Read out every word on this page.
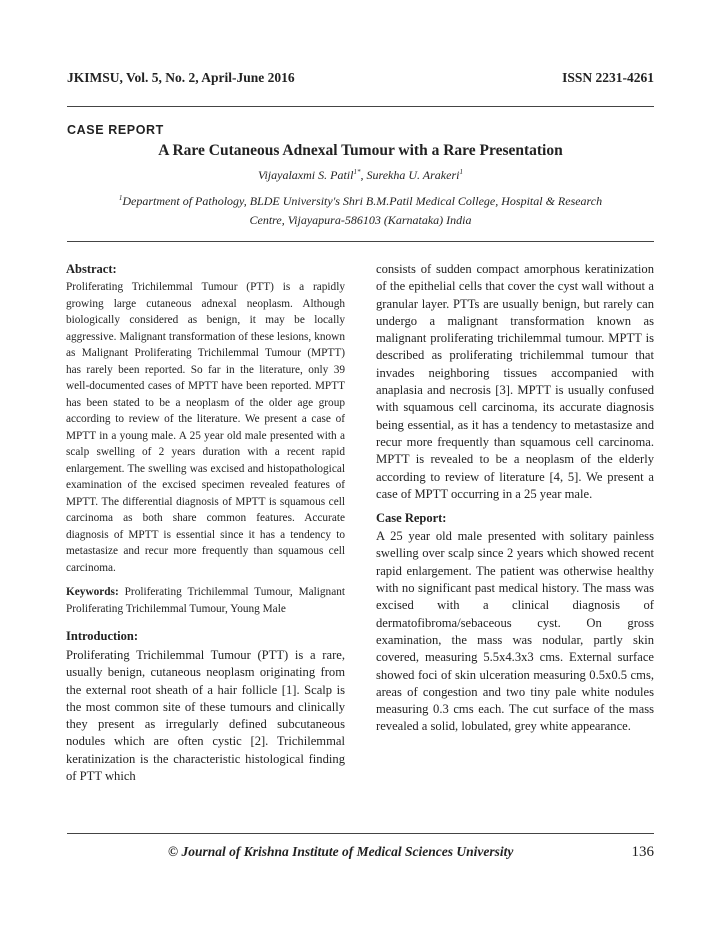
JKIMSU, Vol. 5, No. 2, April-June 2016	ISSN 2231-4261
CASE REPORT
A Rare Cutaneous Adnexal Tumour with a Rare Presentation
Vijayalaxmi S. Patil$^{1*}$, Surekha U. Arakeri$^1$
$^1$Department of Pathology, BLDE University's Shri B.M.Patil Medical College, Hospital & Research
Centre, Vijayapura-586103 (Karnataka) India

Abstract:

Proliferating Trichilemmal Tumour (PTT) is a rapidly growing large cutaneous adnexal neoplasm. Although biologically considered as benign, it may be locally aggressive. Malignant transformation of these lesions, known as Malignant Proliferating Trichilemmal Tumour (MPTT) has rarely been reported. So far in the literature, only 39 well-documented cases of MPTT have been reported. MPTT has been stated to be a neoplasm of the older age group according to review of the literature. We present a case of MPTT in a young male. A 25 year old male presented with a scalp swelling of 2 years duration with a recent rapid enlargement. The swelling was excised and histopathological examination of the excised specimen revealed features of MPTT. The differential diagnosis of MPTT is squamous cell carcinoma as both share common features. Accurate diagnosis of MPTT is essential since it has a tendency to metastasize and recur more frequently than squamous cell carcinoma.

Keywords: Proliferating Trichilemmal Tumour, Malignant Proliferating Trichilemmal Tumour, Young Male

Introduction:

Proliferating Trichilemmal Tumour (PTT) is a rare, usually benign, cutaneous neoplasm originating from the external root sheath of a hair follicle [1]. Scalp is the most common site of these tumours and clinically they present as irregularly defined subcutaneous nodules which are often cystic [2]. Trichilemmal keratinization is the characteristic histological finding of PTT which

consists of sudden compact amorphous keratinization of the epithelial cells that cover the cyst wall without a granular layer. PTTs are usually benign, but rarely can undergo a malignant transformation known as malignant proliferating trichilemmal tumour. MPTT is described as proliferating trichilemmal tumour that invades neighboring tissues accompanied with anaplasia and necrosis [3]. MPTT is usually confused with squamous cell carcinoma, its accurate diagnosis being essential, as it has a tendency to metastasize and recur more frequently than squamous cell carcinoma. MPTT is revealed to be a neoplasm of the elderly according to review of literature [4, 5]. We present a case of MPTT occurring in a 25 year male.

Case Report:

A 25 year old male presented with solitary painless swelling over scalp since 2 years which showed recent rapid enlargement. The patient was otherwise healthy with no significant past medical history. The mass was excised with a clinical diagnosis of dermatofibroma/sebaceous cyst. On gross examination, the mass was nodular, partly skin covered, measuring 5.5x4.3x3 cms. External surface showed foci of skin ulceration measuring 0.5x0.5 cms, areas of congestion and two tiny pale white nodules measuring 0.3 cms each. The cut surface of the mass revealed a solid, lobulated, grey white appearance.

© Journal of Krishna Institute of Medical Sciences University	136
